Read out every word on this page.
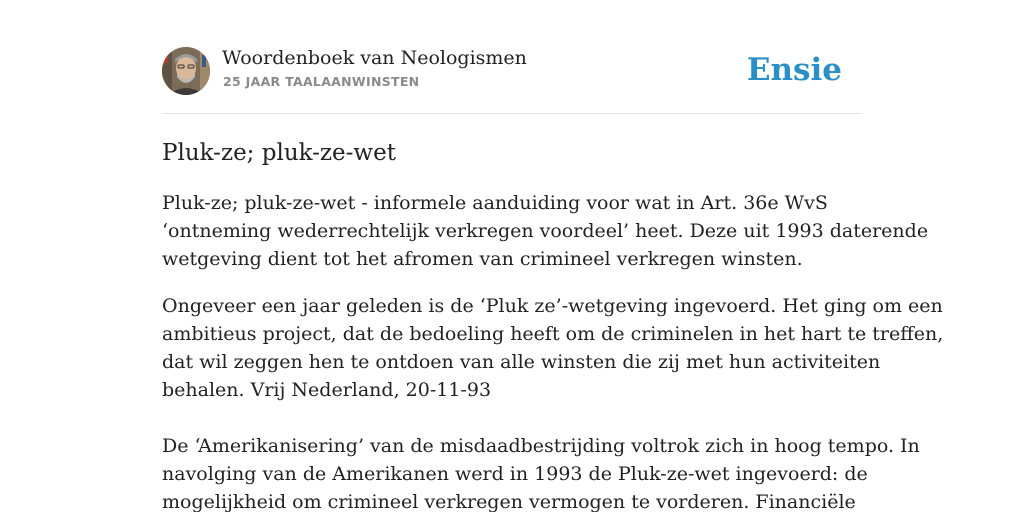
Woordenboek van Neologismen
25 JAAR TAALAANWINSTEN	Ensie
Pluk-ze; pluk-ze-wet

Pluk-ze; pluk-ze-wet - informele aanduiding voor wat in Art. 36e WvS
‘ontneming wederrechtelijk verkregen voordeel’ heet. Deze uit 1993 daterende
wetgeving dient tot het afromen van crimineel verkregen winsten.

Ongeveer een jaar geleden is de ‘Pluk ze’-wetgeving ingevoerd. Het ging om een
ambitieus project, dat de bedoeling heeft om de criminelen in het hart te treffen,
dat wil zeggen hen te ontdoen van alle winsten die zij met hun activiteiten
behalen. Vrij Nederland, 20-11-93

De ‘Amerikanisering’ van de misdaadbestrijding voltrok zich in hoog tempo. In
navolging van de Amerikanen werd in 1993 de Pluk-ze-wet ingevoerd: de
mogelijkheid om crimineel verkregen vermogen te vorderen. Financiële
